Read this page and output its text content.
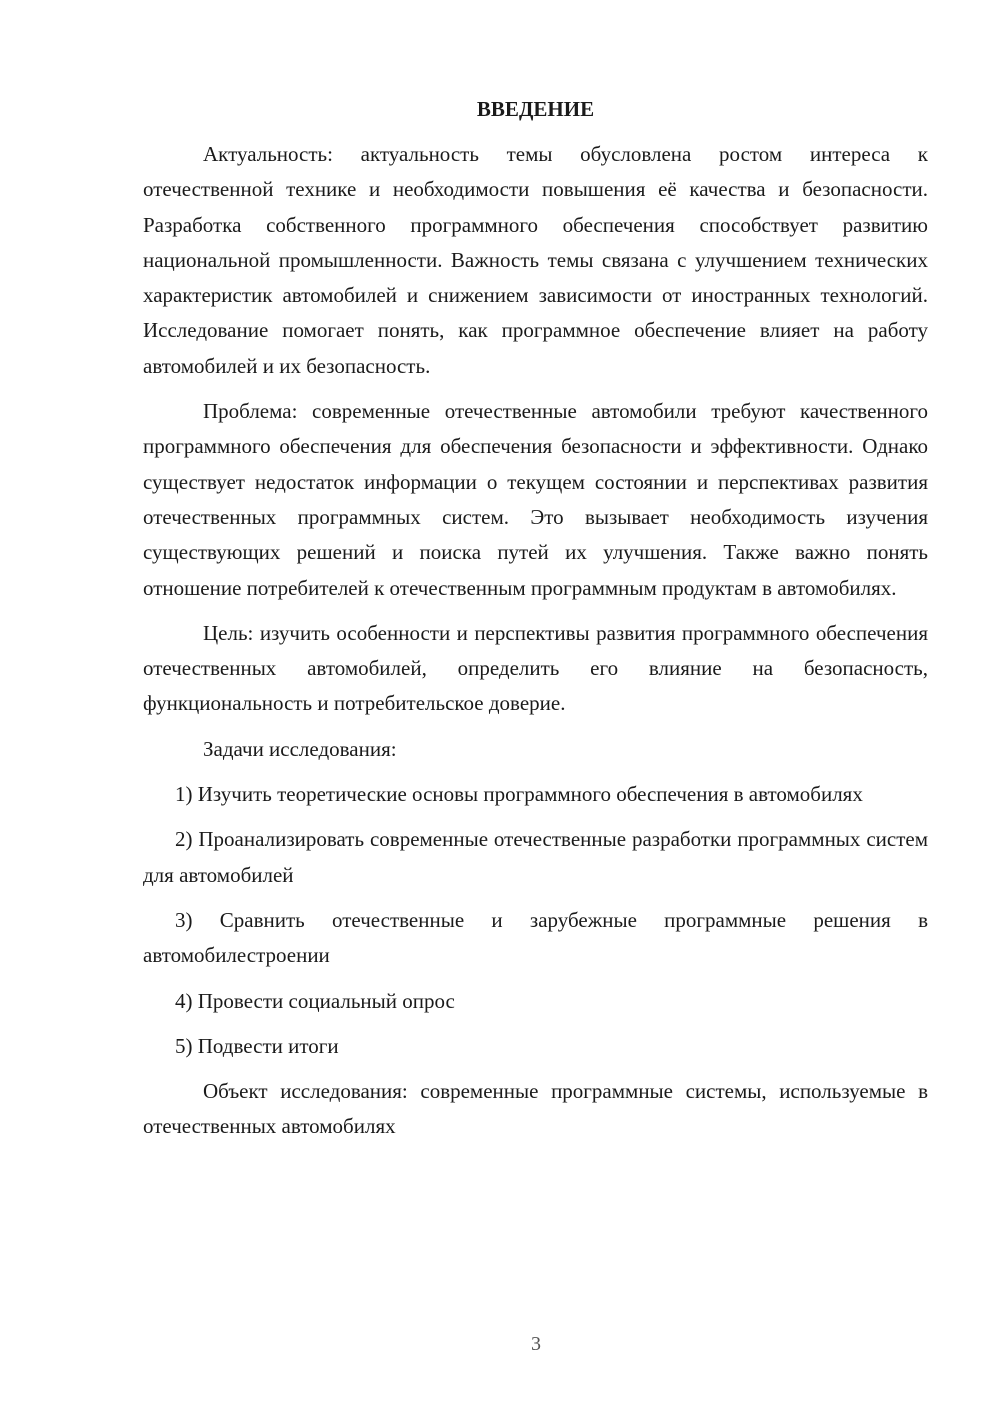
ВВЕДЕНИЕ

Актуальность: актуальность темы обусловлена ростом интереса к отечественной технике и необходимости повышения её качества и безопасности. Разработка собственного программного обеспечения способствует развитию национальной промышленности. Важность темы связана с улучшением технических характеристик автомобилей и снижением зависимости от иностранных технологий. Исследование помогает понять, как программное обеспечение влияет на работу автомобилей и их безопасность.

Проблема: современные отечественные автомобили требуют качественного программного обеспечения для обеспечения безопасности и эффективности. Однако существует недостаток информации о текущем состоянии и перспективах развития отечественных программных систем. Это вызывает необходимость изучения существующих решений и поиска путей их улучшения. Также важно понять отношение потребителей к отечественным программным продуктам в автомобилях.

Цель: изучить особенности и перспективы развития программного обеспечения отечественных автомобилей, определить его влияние на безопасность, функциональность и потребительское доверие.

Задачи исследования:

1) Изучить теоретические основы программного обеспечения в автомобилях

2) Проанализировать современные отечественные разработки программных систем для автомобилей

3) Сравнить отечественные и зарубежные программные решения в автомобилестроении

4) Провести социальный опрос

5) Подвести итоги

Объект исследования: современные программные системы, используемые в отечественных автомобилях

3
